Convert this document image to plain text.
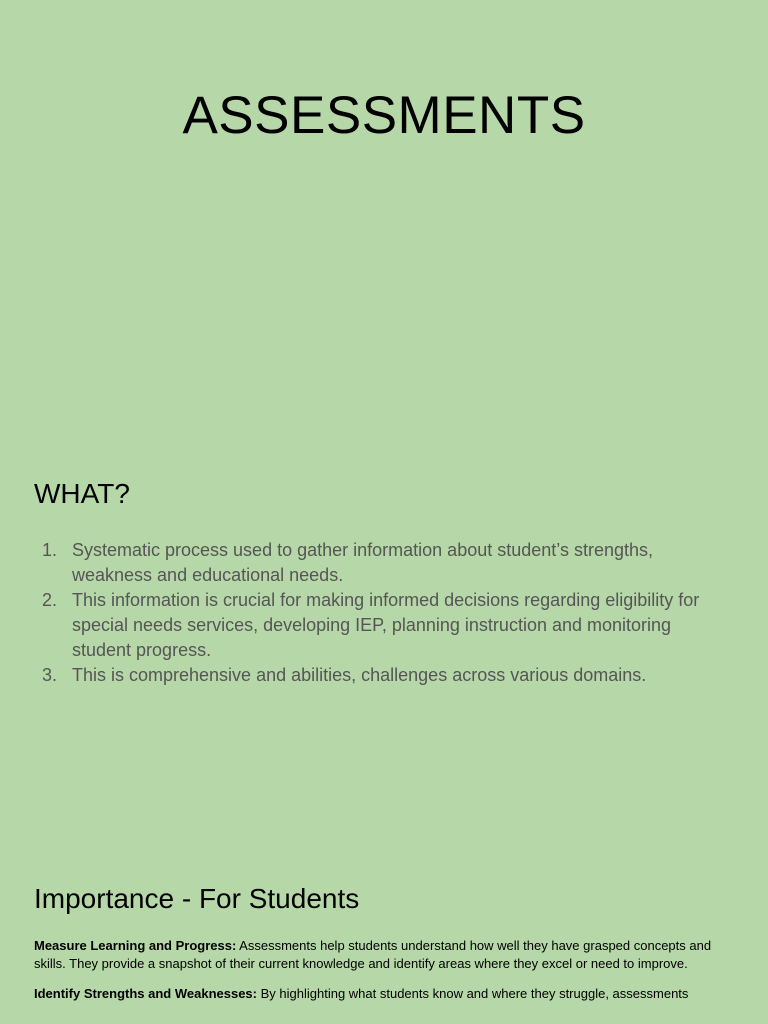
ASSESSMENTS
WHAT?
1. Systematic process used to gather information about student’s strengths, weakness and educational needs.
2. This information is crucial for making informed decisions regarding eligibility for special needs services, developing IEP, planning instruction and monitoring student progress.
3. This is comprehensive and abilities, challenges across various domains.
Importance - For Students

Measure Learning and Progress: Assessments help students understand how well they have grasped concepts and skills. They provide a snapshot of their current knowledge and identify areas where they excel or need to improve.

Identify Strengths and Weaknesses: By highlighting what students know and where they struggle, assessments
